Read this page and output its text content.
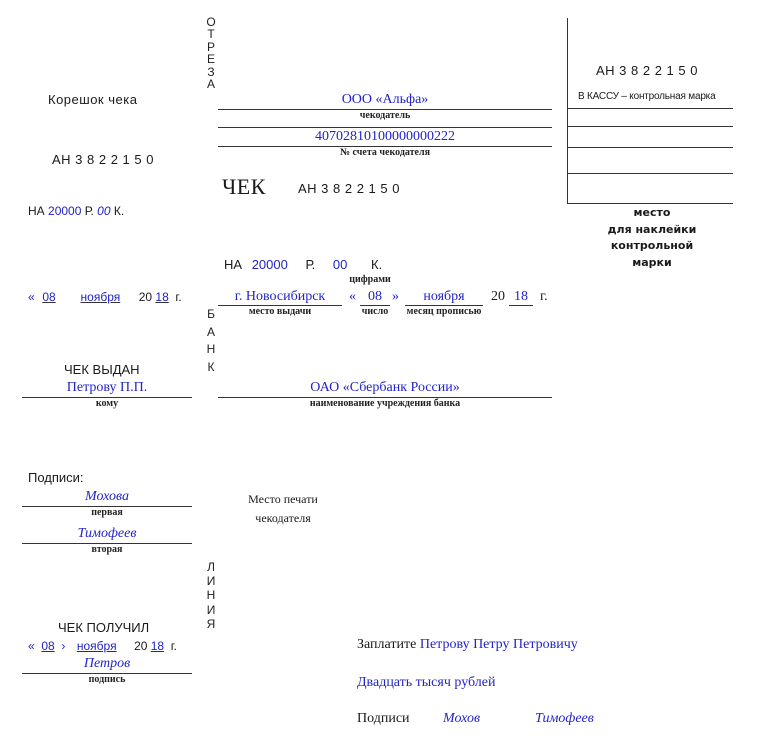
Корешок чека
АН 3 8 2 2 1 5 0
НА 20000 Р. 00 К.
« 08 ноября 20 18 г.
ЧЕК ВЫДАН
Петрову П.П.
кому
Подписи:
Мохова
первая
Тимофеев
вторая
ЧЕК ПОЛУЧИЛ
« 08 › ноября 20 18 г.
Петров
подпись
О
Т
Р
Е
З
А
Б
А
Н
К
Л
И
Н
И
Я
ООО «Альфа»
чекодатель
40702810100000000222
№ счета чекодателя
ЧЕК АН 3 8 2 2 1 5 0
НА 20000 Р. 00 К.
цифрами
г. Новосибирск
место выдачи
« 08
число
»	ноября
месяц прописью
20 18 г.
ОАО «Сбербанк России»
наименование учреждения банка
Место печати
чекодателя
Заплатите Петрову Петру Петровичу
Двадцать тысяч рублей
Подписи Мохов	Тимофеев
АН 3 8 2 2 1 5 0
В КАССУ – контрольная марка
место
для наклейки
контрольной
марки
